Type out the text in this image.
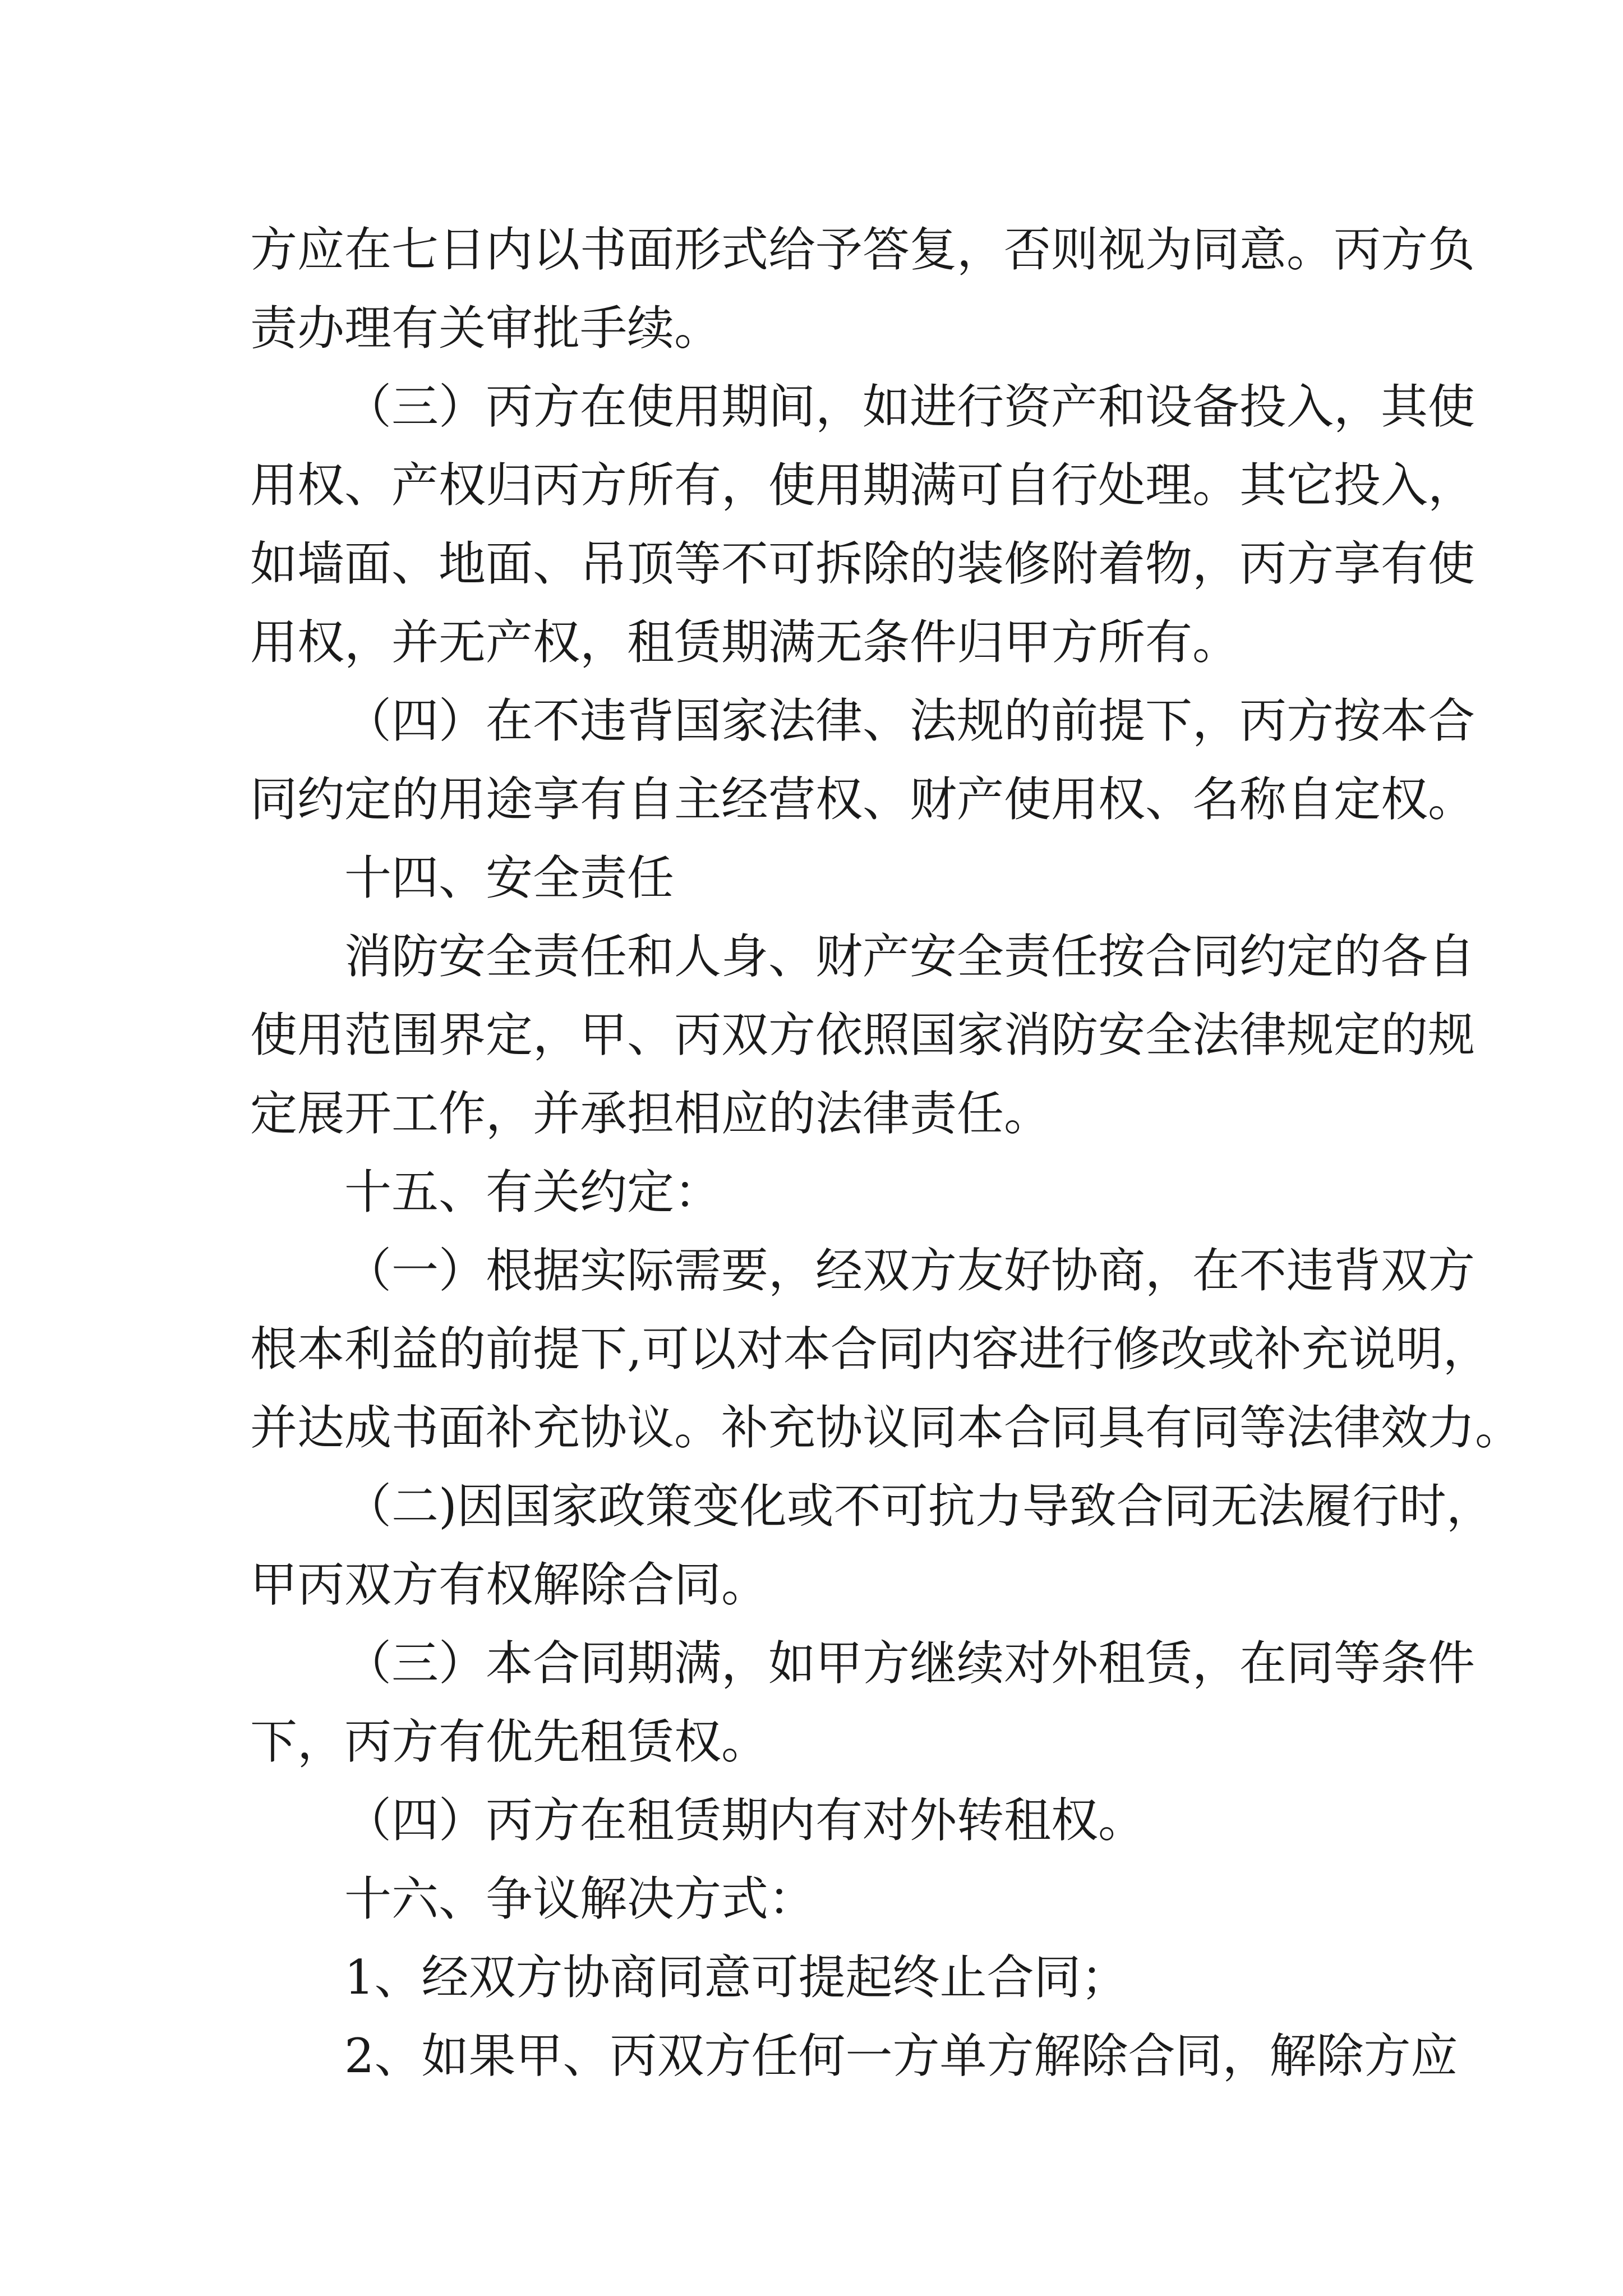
方应在七日内以书面形式给予答复，否则视为同意。丙方负
责办理有关审批手续。
（三）丙方在使用期间，如进行资产和设备投入，其使
用权、产权归丙方所有，使用期满可自行处理。其它投入，
如墙面、地面、吊顶等不可拆除的装修附着物，丙方享有使
用权，并无产权，租赁期满无条件归甲方所有。
（四）在不违背国家法律、法规的前提下，丙方按本合
同约定的用途享有自主经营权、财产使用权、名称自定权。
十四、安全责任
消防安全责任和人身、财产安全责任按合同约定的各自
使用范围界定，甲、丙双方依照国家消防安全法律规定的规
定展开工作，并承担相应的法律责任。
十五、有关约定：
（一）根据实际需要，经双方友好协商，在不违背双方
根本利益的前提下,可以对本合同内容进行修改或补充说明，
并达成书面补充协议。补充协议同本合同具有同等法律效力。
（二)因国家政策变化或不可抗力导致合同无法履行时，
甲丙双方有权解除合同。
（三）本合同期满，如甲方继续对外租赁，在同等条件
下，丙方有优先租赁权。
（四）丙方在租赁期内有对外转租权。
十六、争议解决方式：
1、经双方协商同意可提起终止合同；
2、如果甲、丙双方任何一方单方解除合同，解除方应
